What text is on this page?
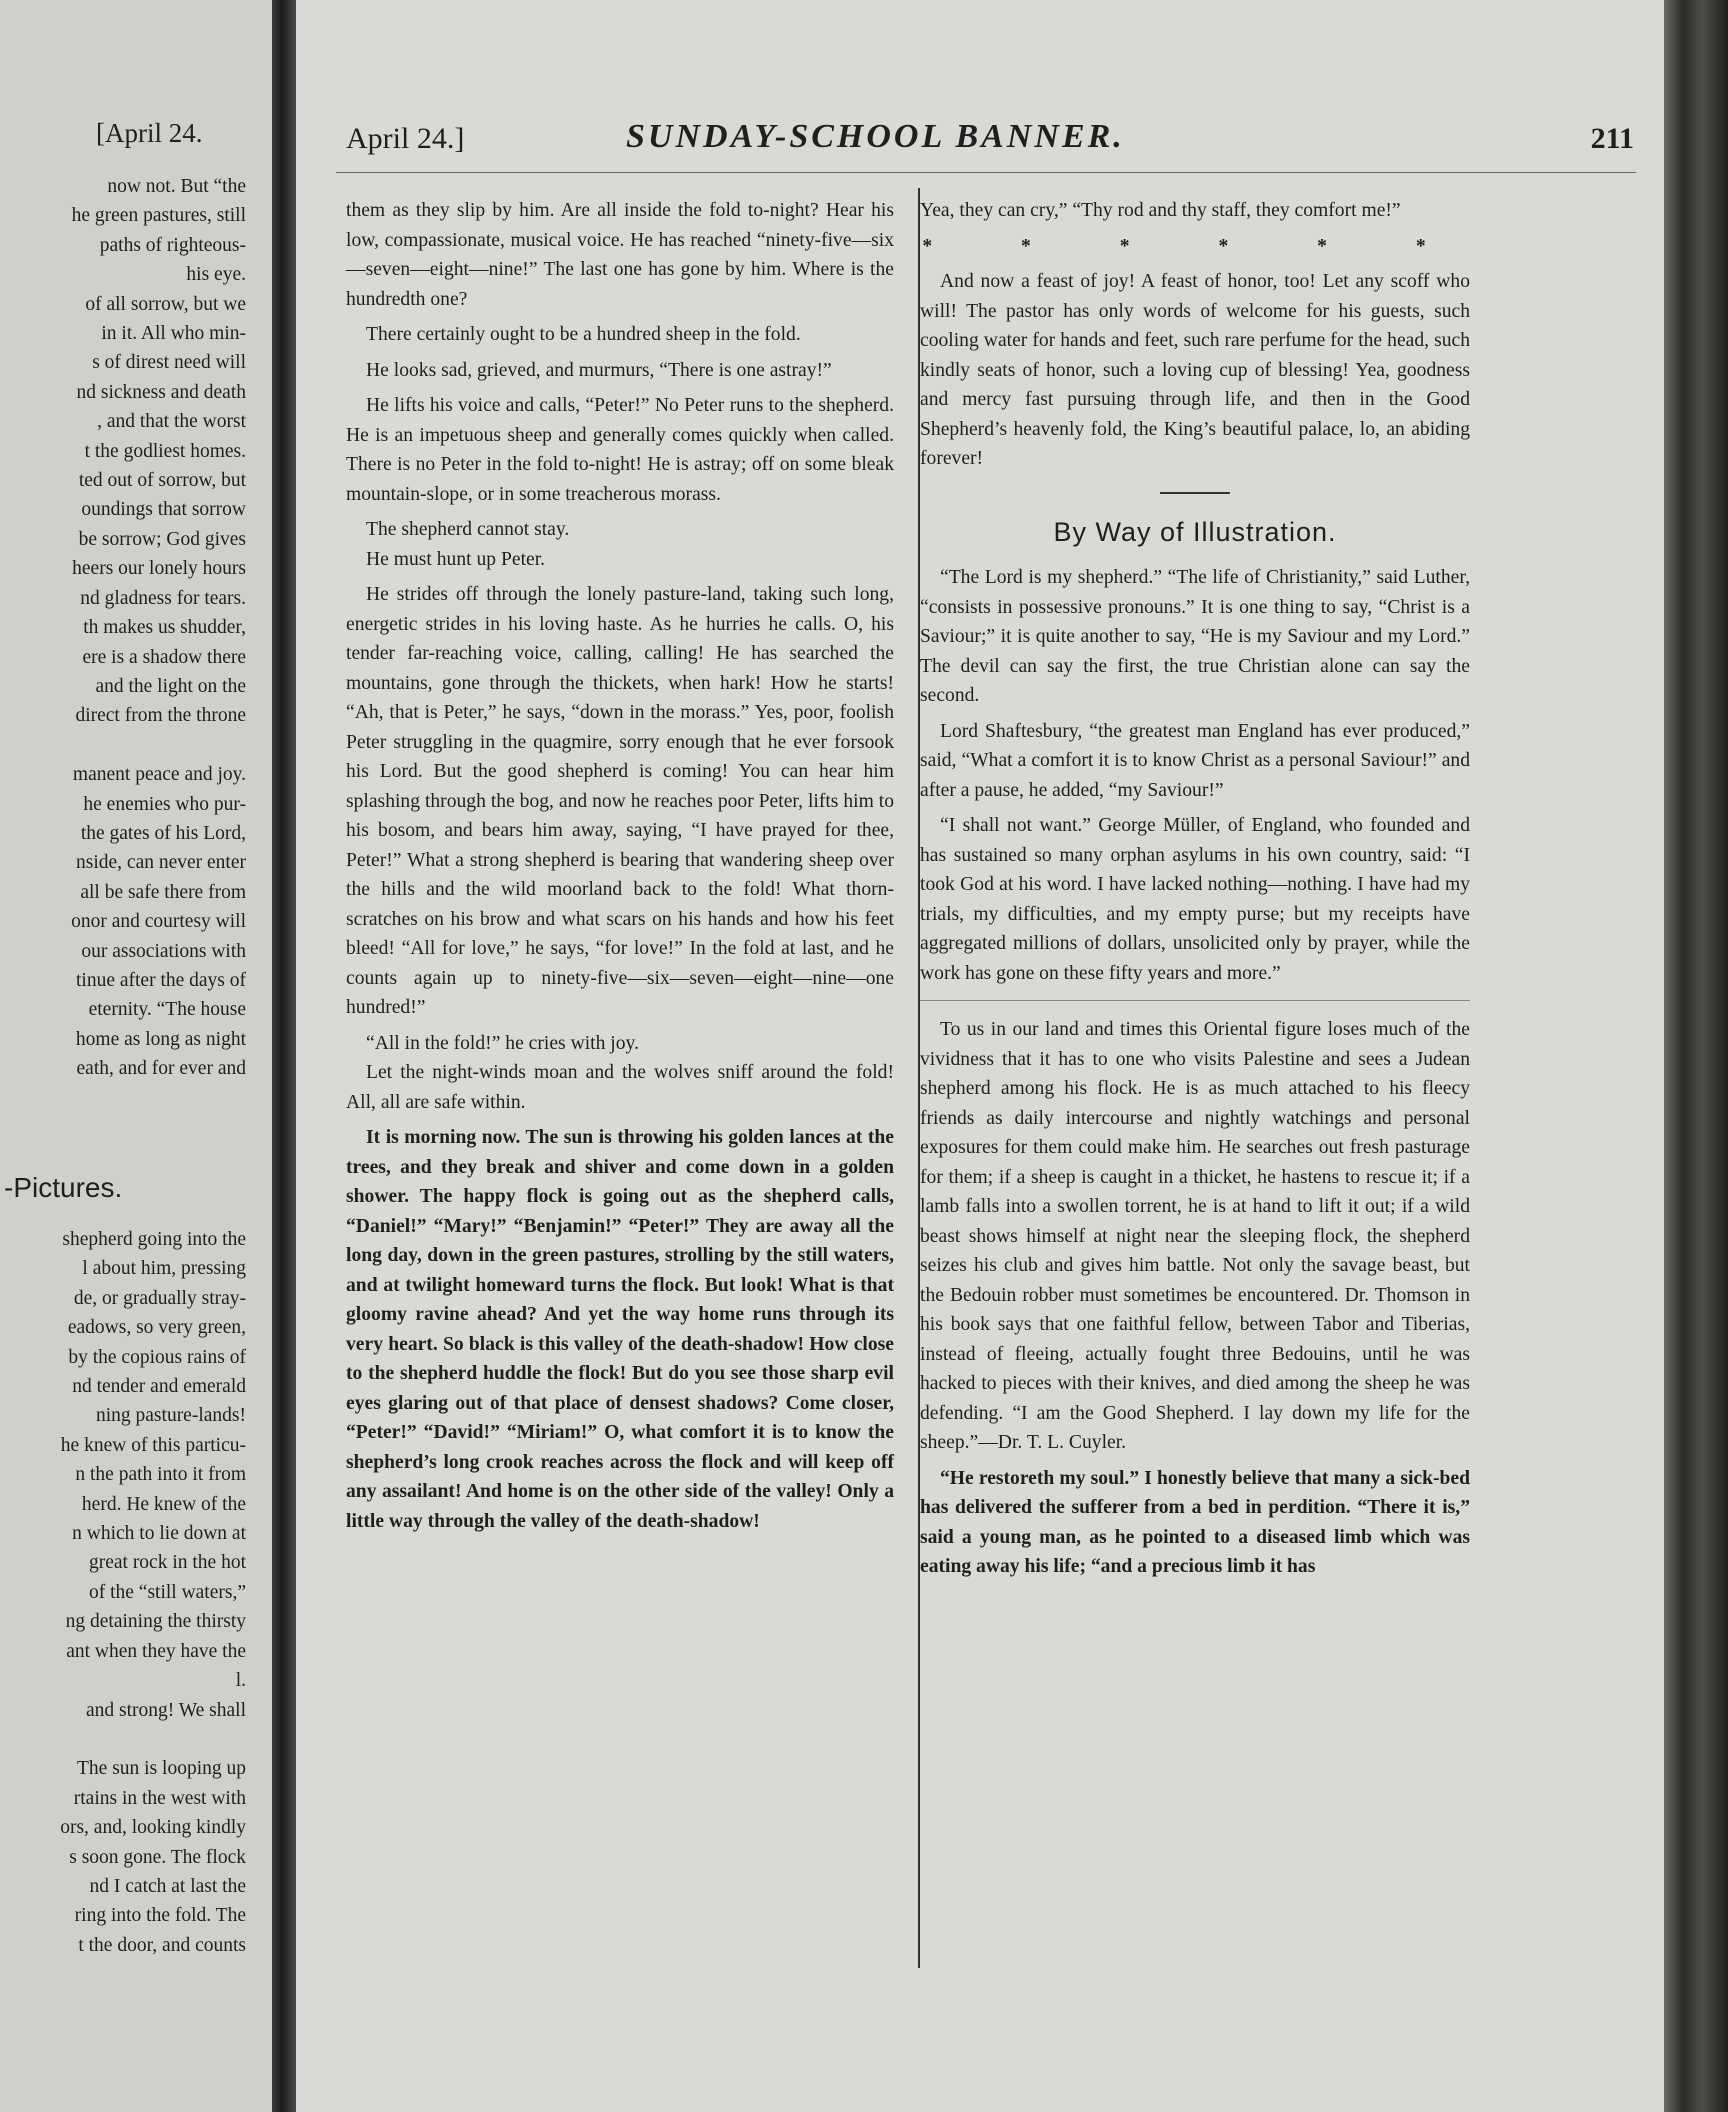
[April 24.

now not. But “the

he green pastures, still

paths of righteous-

his eye.

of all sorrow, but we

in it. All who min-

s of direst need will

nd sickness and death

, and that the worst

t the godliest homes.

ted out of sorrow, but

oundings that sorrow

be sorrow; God gives

heers our lonely hours

nd gladness for tears.

th makes us shudder,

ere is a shadow there

and the light on the

direct from the throne

manent peace and joy.

he enemies who pur-

the gates of his Lord,

nside, can never enter

all be safe there from

onor and courtesy will

our associations with

tinue after the days of

eternity. “The house

home as long as night

eath, and for ever and

-Pictures.

shepherd going into the

l about him, pressing

de, or gradually stray-

eadows, so very green,

by the copious rains of

nd tender and emerald

ning pasture-lands!

he knew of this particu-

n the path into it from

herd. He knew of the

n which to lie down at

great rock in the hot

of the “still waters,”

ng detaining the thirsty

ant when they have the

l.

and strong! We shall

The sun is looping up

rtains in the west with

ors, and, looking kindly

s soon gone. The flock

nd I catch at last the

ring into the fold. The

t the door, and counts

April 24.]	SUNDAY-SCHOOL BANNER.	211

them as they slip by him. Are all inside the fold to-night? Hear his low, compassionate, musical voice. He has reached “ninety-five—six—seven—eight—nine!” The last one has gone by him. Where is the hundredth one?

There certainly ought to be a hundred sheep in the fold.

He looks sad, grieved, and murmurs, “There is one astray!”

He lifts his voice and calls, “Peter!” No Peter runs to the shepherd. He is an impetuous sheep and generally comes quickly when called. There is no Peter in the fold to-night! He is astray; off on some bleak mountain-slope, or in some treacherous morass.

The shepherd cannot stay.

He must hunt up Peter.

He strides off through the lonely pasture-land, taking such long, energetic strides in his loving haste. As he hurries he calls. O, his tender far-reaching voice, calling, calling! He has searched the mountains, gone through the thickets, when hark! How he starts! “Ah, that is Peter,” he says, “down in the morass.” Yes, poor, foolish Peter struggling in the quagmire, sorry enough that he ever forsook his Lord. But the good shepherd is coming! You can hear him splashing through the bog, and now he reaches poor Peter, lifts him to his bosom, and bears him away, saying, “I have prayed for thee, Peter!” What a strong shepherd is bearing that wandering sheep over the hills and the wild moorland back to the fold! What thorn-scratches on his brow and what scars on his hands and how his feet bleed! “All for love,” he says, “for love!” In the fold at last, and he counts again up to ninety-five—six—seven—eight—nine—one hundred!”

“All in the fold!” he cries with joy.

Let the night-winds moan and the wolves sniff around the fold! All, all are safe within.

It is morning now. The sun is throwing his golden lances at the trees, and they break and shiver and come down in a golden shower. The happy flock is going out as the shepherd calls, “Daniel!” “Mary!” “Benjamin!” “Peter!” They are away all the long day, down in the green pastures, strolling by the still waters, and at twilight homeward turns the flock. But look! What is that gloomy ravine ahead? And yet the way home runs through its very heart. So black is this valley of the death-shadow! How close to the shepherd huddle the flock! But do you see those sharp evil eyes glaring out of that place of densest shadows? Come closer, “Peter!” “David!” “Miriam!” O, what comfort it is to know the shepherd’s long crook reaches across the flock and will keep off any assailant! And home is on the other side of the valley! Only a little way through the valley of the death-shadow!

Yea, they can cry,” “Thy rod and thy staff, they comfort me!”

* * * * * *

And now a feast of joy! A feast of honor, too! Let any scoff who will! The pastor has only words of welcome for his guests, such cooling water for hands and feet, such rare perfume for the head, such kindly seats of honor, such a loving cup of blessing! Yea, goodness and mercy fast pursuing through life, and then in the Good Shepherd’s heavenly fold, the King’s beautiful palace, lo, an abiding forever!

By Way of Illustration.

“The Lord is my shepherd.” “The life of Christianity,” said Luther, “consists in possessive pronouns.” It is one thing to say, “Christ is a Saviour;” it is quite another to say, “He is my Saviour and my Lord.” The devil can say the first, the true Christian alone can say the second.

Lord Shaftesbury, “the greatest man England has ever produced,” said, “What a comfort it is to know Christ as a personal Saviour!” and after a pause, he added, “my Saviour!”

“I shall not want.” George Müller, of England, who founded and has sustained so many orphan asylums in his own country, said: “I took God at his word. I have lacked nothing—nothing. I have had my trials, my difficulties, and my empty purse; but my receipts have aggregated millions of dollars, unsolicited only by prayer, while the work has gone on these fifty years and more.”

To us in our land and times this Oriental figure loses much of the vividness that it has to one who visits Palestine and sees a Judean shepherd among his flock. He is as much attached to his fleecy friends as daily intercourse and nightly watchings and personal exposures for them could make him. He searches out fresh pasturage for them; if a sheep is caught in a thicket, he hastens to rescue it; if a lamb falls into a swollen torrent, he is at hand to lift it out; if a wild beast shows himself at night near the sleeping flock, the shepherd seizes his club and gives him battle. Not only the savage beast, but the Bedouin robber must sometimes be encountered. Dr. Thomson in his book says that one faithful fellow, between Tabor and Tiberias, instead of fleeing, actually fought three Bedouins, until he was hacked to pieces with their knives, and died among the sheep he was defending. “I am the Good Shepherd. I lay down my life for the sheep.”—Dr. T. L. Cuyler.

“He restoreth my soul.” I honestly believe that many a sick-bed has delivered the sufferer from a bed in perdition. “There it is,” said a young man, as he pointed to a diseased limb which was eating away his life; “and a precious limb it has
